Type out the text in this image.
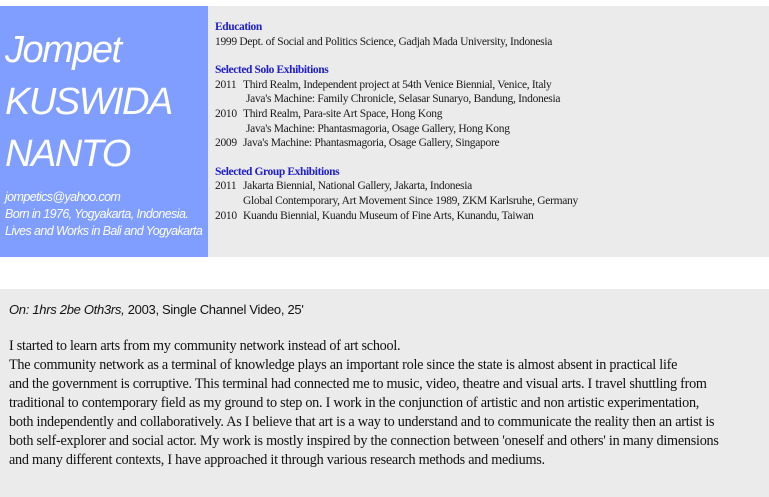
Jompet
KUSWIDA
NANTO
jompetics@yahoo.com
Born in 1976, Yogyakarta, Indonesia.
Lives and Works in Bali and Yogyakarta
Education
1999 Dept. of Social and Politics Science, Gadjah Mada University, Indonesia
Selected Solo Exhibitions
2011 Third Realm, Independent project at 54th Venice Biennial, Venice, Italy
Java's Machine: Family Chronicle, Selasar Sunaryo, Bandung, Indonesia
2010 Third Realm, Para-site Art Space, Hong Kong
Java's Machine: Phantasmagoria, Osage Gallery, Hong Kong
2009 Java's Machine: Phantasmagoria, Osage Gallery, Singapore
Selected Group Exhibitions
2011 Jakarta Biennial, National Gallery, Jakarta, Indonesia
Global Contemporary, Art Movement Since 1989, ZKM Karlsruhe, Germany
2010 Kuandu Biennial, Kuandu Museum of Fine Arts, Kunandu, Taiwan
On: 1hrs 2be Oth3rs, 2003, Single Channel Video, 25'
I started to learn arts from my community network instead of art school.
The community network as a terminal of knowledge plays an important role since the state is almost absent in practical life
and the government is corruptive. This terminal had connected me to music, video, theatre and visual arts. I travel shuttling from
traditional to contemporary field as my ground to step on. I work in the conjunction of artistic and non artistic experimentation,
both independently and collaboratively. As I believe that art is a way to understand and to communicate the reality then an artist is
both self-explorer and social actor. My work is mostly inspired by the connection between 'oneself and others' in many dimensions
and many different contexts, I have approached it through various research methods and mediums.
